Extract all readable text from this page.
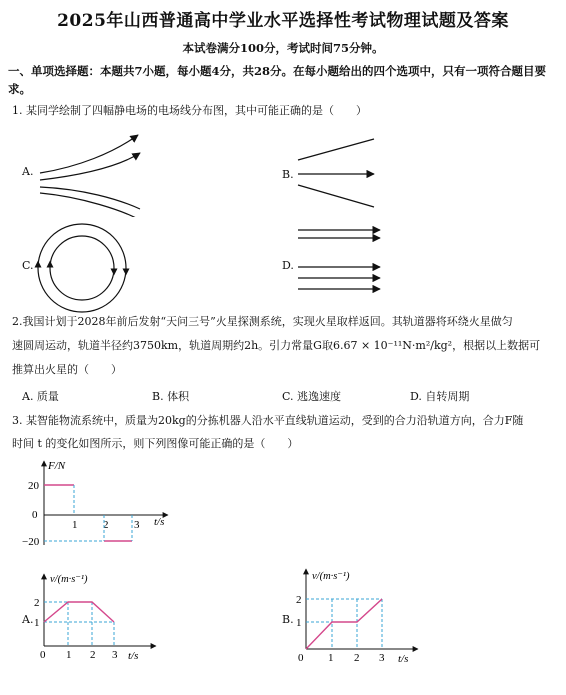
2025年山西普通高中学业水平选择性考试物理试题及答案
本试卷满分100分，考试时间75分钟。
一、单项选择题：本题共7小题，每小题4分，共28分。在每小题给出的四个选项中，只有一项符合题目要求。
1. 某同学绘制了四幅静电场的电场线分布图，其中可能正确的是（　　）
A.	B.
C.	D.
2.我国计划于2028年前后发射“天问三号”火星探测系统，实现火星取样返回。其轨道器将环绕火星做匀
速圆周运动，轨道半径约3750km，轨道周期约2h。引力常量G取6.67 × 10⁻¹¹N·m²/kg²，根据以上数据可
推算出火星的（　　）
A. 质量	B. 体积	C. 逃逸速度	D. 自转周期
3. 某智能物流系统中，质量为20kg的分拣机器人沿水平直线轨道运动，受到的合力沿轨道方向，合力F随
时间 t 的变化如图所示，则下列图像可能正确的是（　　）
F/N
t/s
20
0
−20
1 2 3
A.
v/(m·s⁻¹)
t/s
2
1
0 1 2 3
B.
v/(m·s⁻¹)
t/s
2
1
0 1 2 3
